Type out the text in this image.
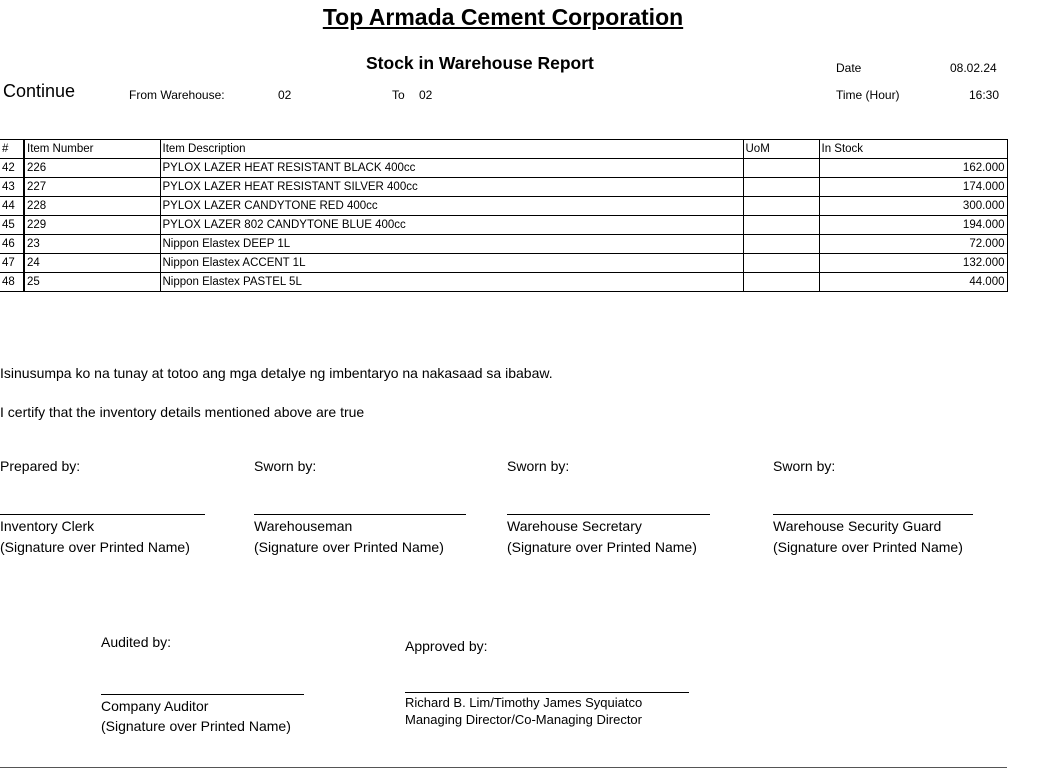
Top Armada Cement Corporation
Stock in Warehouse Report
Continue	From Warehouse:	02	To 02
Date	08.02.24
Time (Hour)	16:30
#	Item Number	Item Description	UoM	In Stock
42	226	PYLOX LAZER HEAT RESISTANT BLACK 400cc		162.000
43	227	PYLOX LAZER HEAT RESISTANT SILVER 400cc		174.000
44	228	PYLOX LAZER CANDYTONE RED 400cc		300.000
45	229	PYLOX LAZER 802 CANDYTONE BLUE 400cc		194.000
46	23	Nippon Elastex DEEP 1L		72.000
47	24	Nippon Elastex ACCENT 1L		132.000
48	25	Nippon Elastex PASTEL 5L		44.000
Isinusumpa ko na tunay at totoo ang mga detalye ng imbentaryo na nakasaad sa ibabaw.
I certify that the inventory details mentioned above are true
Prepared by:
Inventory Clerk
(Signature over Printed Name)
Sworn by:
Warehouseman
(Signature over Printed Name)
Sworn by:
Warehouse Secretary
(Signature over Printed Name)
Sworn by:
Warehouse Security Guard
(Signature over Printed Name)
Audited by:
Company Auditor
(Signature over Printed Name)
Approved by:
Richard B. Lim/Timothy James Syquiatco
Managing Director/Co-Managing Director
